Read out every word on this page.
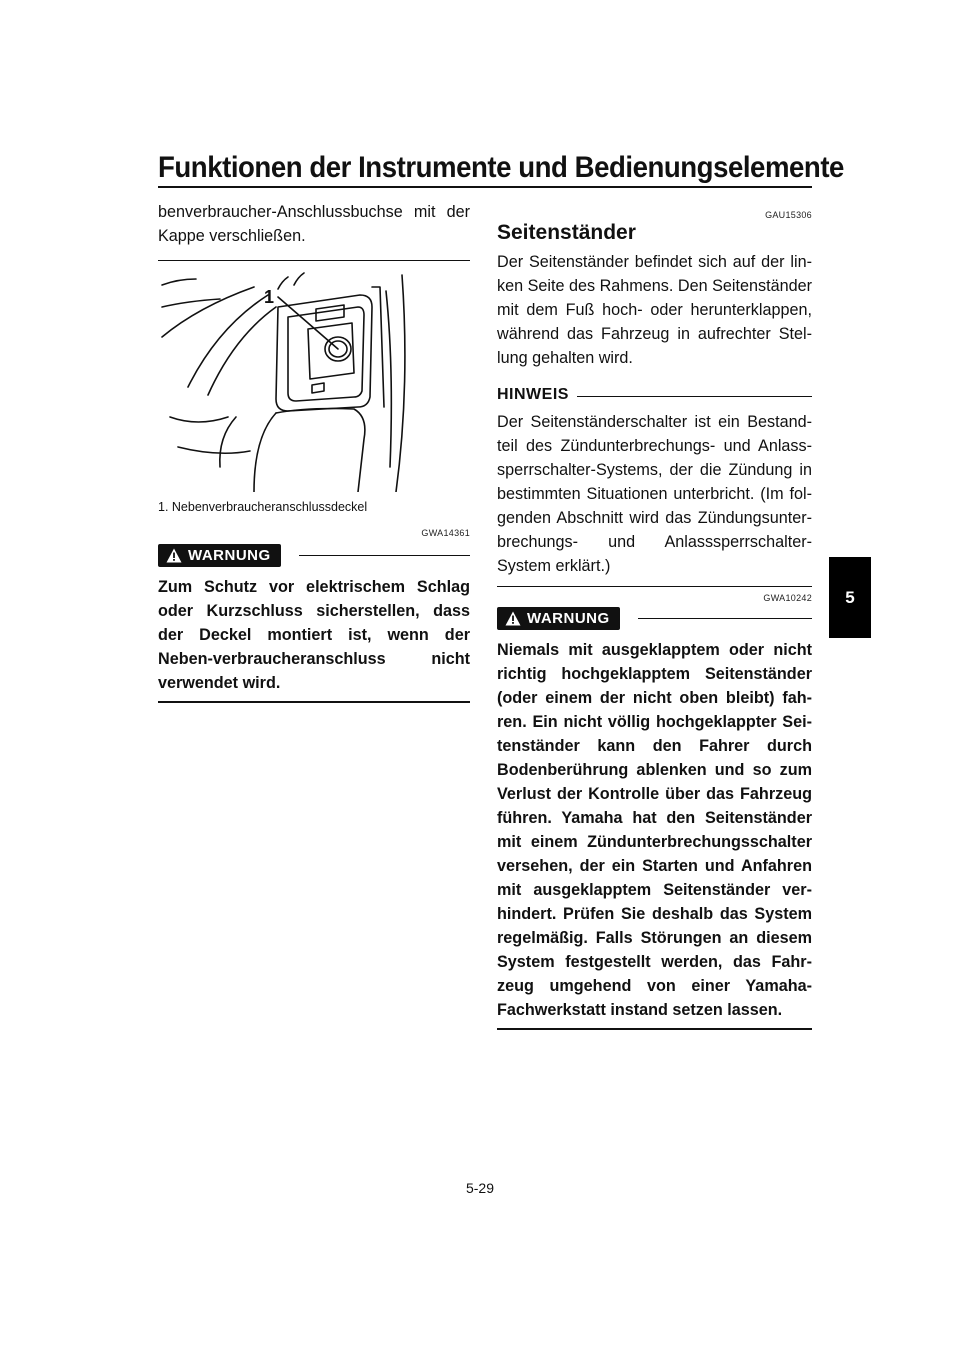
Funktionen der Instrumente und Bedienungselemente
5

benverbraucher-Anschlussbuchse mit der Kappe verschließen.

1
1. Nebenverbraucheranschlussdeckel
GWA14361
WARNUNG

Zum Schutz vor elektrischem Schlag oder Kurzschluss sicherstellen, dass der Deckel montiert ist, wenn der Neben-verbraucheranschluss nicht verwendet wird.

GAU15306
Seitenständer

Der Seitenständer befindet sich auf der lin-ken Seite des Rahmens. Den Seitenständer mit dem Fuß hoch- oder herunterklappen, während das Fahrzeug in aufrechter Stel-lung gehalten wird.

HINWEIS

Der Seitenständerschalter ist ein Bestand-teil des Zündunterbrechungs- und Anlass-sperrschalter-Systems, der die Zündung in bestimmten Situationen unterbricht. (Im fol-genden Abschnitt wird das Zündungsunter-brechungs- und Anlasssperrschalter-System erklärt.)

GWA10242
WARNUNG

Niemals mit ausgeklapptem oder nicht richtig hochgeklapptem Seitenständer (oder einem der nicht oben bleibt) fah-ren. Ein nicht völlig hochgeklappter Sei-tenständer kann den Fahrer durch Bodenberührung ablenken und so zum Verlust der Kontrolle über das Fahrzeug führen. Yamaha hat den Seitenständer mit einem Zündunterbrechungsschalter versehen, der ein Starten und Anfahren mit ausgeklapptem Seitenständer ver-hindert. Prüfen Sie deshalb das System regelmäßig. Falls Störungen an diesem System festgestellt werden, das Fahr-zeug umgehend von einer Yamaha-Fachwerkstatt instand setzen lassen.

5-29
